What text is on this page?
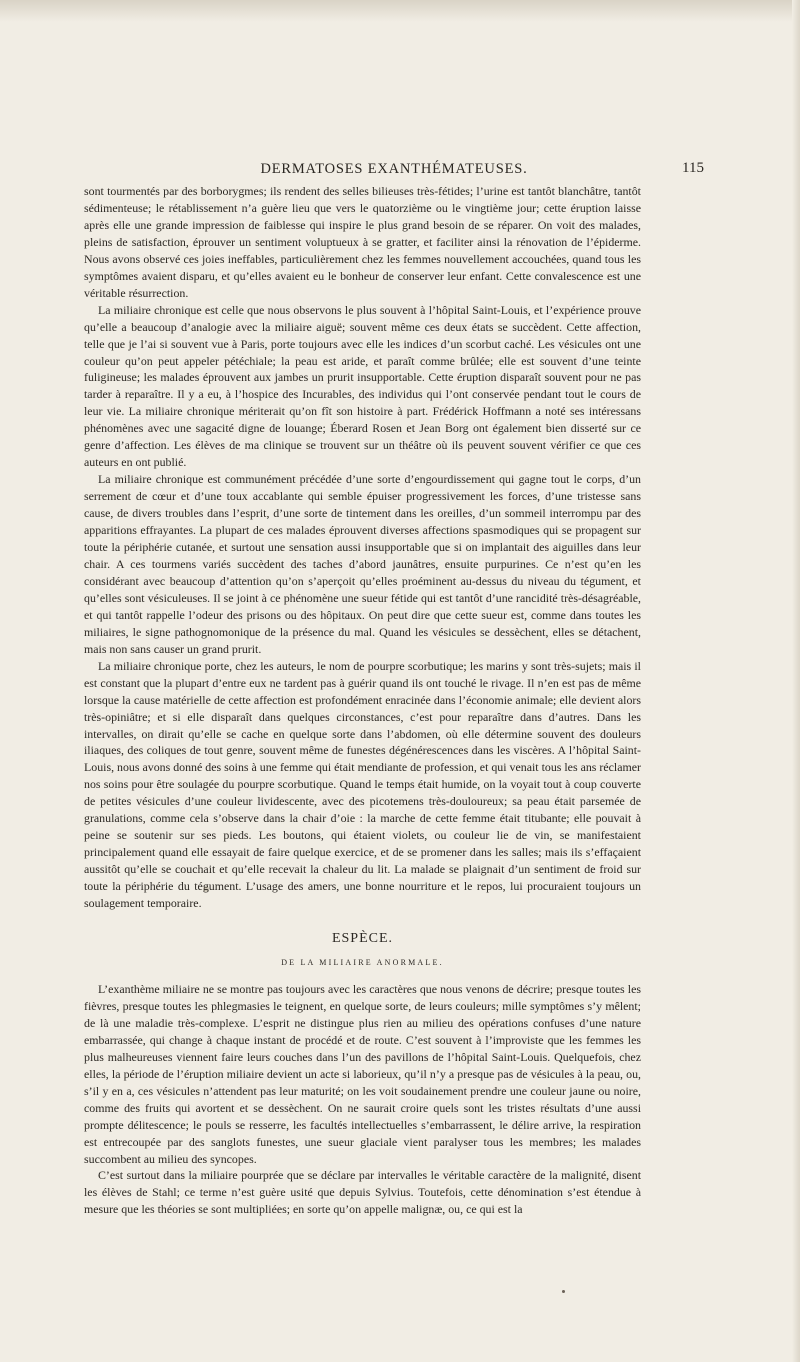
DERMATOSES EXANTHÉMATEUSES.	115

sont tourmentés par des borborygmes; ils rendent des selles bilieuses très-fétides; l’urine est tantôt blanchâtre, tantôt sédimenteuse; le rétablissement n’a guère lieu que vers le quatorzième ou le vingtième jour; cette éruption laisse après elle une grande impression de faiblesse qui inspire le plus grand besoin de se réparer. On voit des malades, pleins de satisfaction, éprouver un sentiment voluptueux à se gratter, et faciliter ainsi la rénovation de l’épiderme. Nous avons observé ces joies ineffables, particulièrement chez les femmes nouvellement accouchées, quand tous les symptômes avaient disparu, et qu’elles avaient eu le bonheur de conserver leur enfant. Cette convalescence est une véritable résurrection.

La miliaire chronique est celle que nous observons le plus souvent à l’hôpital Saint-Louis, et l’expérience prouve qu’elle a beaucoup d’analogie avec la miliaire aiguë; souvent même ces deux états se succèdent. Cette affection, telle que je l’ai si souvent vue à Paris, porte toujours avec elle les indices d’un scorbut caché. Les vésicules ont une couleur qu’on peut appeler pétéchiale; la peau est aride, et paraît comme brûlée; elle est souvent d’une teinte fuligineuse; les malades éprouvent aux jambes un prurit insupportable. Cette éruption disparaît souvent pour ne pas tarder à reparaître. Il y a eu, à l’hospice des Incurables, des individus qui l’ont conservée pendant tout le cours de leur vie. La miliaire chronique mériterait qu’on fît son histoire à part. Frédérick Hoffmann a noté ses intéressans phénomènes avec une sagacité digne de louange; Éberard Rosen et Jean Borg ont également bien disserté sur ce genre d’affection. Les élèves de ma clinique se trouvent sur un théâtre où ils peuvent souvent vérifier ce que ces auteurs en ont publié.

La miliaire chronique est communément précédée d’une sorte d’engourdissement qui gagne tout le corps, d’un serrement de cœur et d’une toux accablante qui semble épuiser progressivement les forces, d’une tristesse sans cause, de divers troubles dans l’esprit, d’une sorte de tintement dans les oreilles, d’un sommeil interrompu par des apparitions effrayantes. La plupart de ces malades éprouvent diverses affections spasmodiques qui se propagent sur toute la périphérie cutanée, et surtout une sensation aussi insupportable que si on implantait des aiguilles dans leur chair. A ces tourmens variés succèdent des taches d’abord jaunâtres, ensuite purpurines. Ce n’est qu’en les considérant avec beaucoup d’attention qu’on s’aperçoit qu’elles proéminent au-dessus du niveau du tégument, et qu’elles sont vésiculeuses. Il se joint à ce phénomène une sueur fétide qui est tantôt d’une rancidité très-désagréable, et qui tantôt rappelle l’odeur des prisons ou des hôpitaux. On peut dire que cette sueur est, comme dans toutes les miliaires, le signe pathognomonique de la présence du mal. Quand les vésicules se dessèchent, elles se détachent, mais non sans causer un grand prurit.

La miliaire chronique porte, chez les auteurs, le nom de pourpre scorbutique; les marins y sont très-sujets; mais il est constant que la plupart d’entre eux ne tardent pas à guérir quand ils ont touché le rivage. Il n’en est pas de même lorsque la cause matérielle de cette affection est profondément enracinée dans l’économie animale; elle devient alors très-opiniâtre; et si elle disparaît dans quelques circonstances, c’est pour reparaître dans d’autres. Dans les intervalles, on dirait qu’elle se cache en quelque sorte dans l’abdomen, où elle détermine souvent des douleurs iliaques, des coliques de tout genre, souvent même de funestes dégénérescences dans les viscères. A l’hôpital Saint-Louis, nous avons donné des soins à une femme qui était mendiante de profession, et qui venait tous les ans réclamer nos soins pour être soulagée du pourpre scorbutique. Quand le temps était humide, on la voyait tout à coup couverte de petites vésicules d’une couleur lividescente, avec des picotemens très-douloureux; sa peau était parsemée de granulations, comme cela s’observe dans la chair d’oie : la marche de cette femme était titubante; elle pouvait à peine se soutenir sur ses pieds. Les boutons, qui étaient violets, ou couleur lie de vin, se manifestaient principalement quand elle essayait de faire quelque exercice, et de se promener dans les salles; mais ils s’effaçaient aussitôt qu’elle se couchait et qu’elle recevait la chaleur du lit. La malade se plaignait d’un sentiment de froid sur toute la périphérie du tégument. L’usage des amers, une bonne nourriture et le repos, lui procuraient toujours un soulagement temporaire.

ESPÈCE.
DE LA MILIAIRE ANORMALE.

L’exanthème miliaire ne se montre pas toujours avec les caractères que nous venons de décrire; presque toutes les fièvres, presque toutes les phlegmasies le teignent, en quelque sorte, de leurs couleurs; mille symptômes s’y mêlent; de là une maladie très-complexe. L’esprit ne distingue plus rien au milieu des opérations confuses d’une nature embarrassée, qui change à chaque instant de procédé et de route. C’est souvent à l’improviste que les femmes les plus malheureuses viennent faire leurs couches dans l’un des pavillons de l’hôpital Saint-Louis. Quelquefois, chez elles, la période de l’éruption miliaire devient un acte si laborieux, qu’il n’y a presque pas de vésicules à la peau, ou, s’il y en a, ces vésicules n’attendent pas leur maturité; on les voit soudainement prendre une couleur jaune ou noire, comme des fruits qui avortent et se dessèchent. On ne saurait croire quels sont les tristes résultats d’une aussi prompte délitescence; le pouls se resserre, les facultés intellectuelles s’embarrassent, le délire arrive, la respiration est entrecoupée par des sanglots funestes, une sueur glaciale vient paralyser tous les membres; les malades succombent au milieu des syncopes.

C’est surtout dans la miliaire pourprée que se déclare par intervalles le véritable caractère de la malignité, disent les élèves de Stahl; ce terme n’est guère usité que depuis Sylvius. Toutefois, cette dénomination s’est étendue à mesure que les théories se sont multipliées; en sorte qu’on appelle malignæ, ou, ce qui est la
